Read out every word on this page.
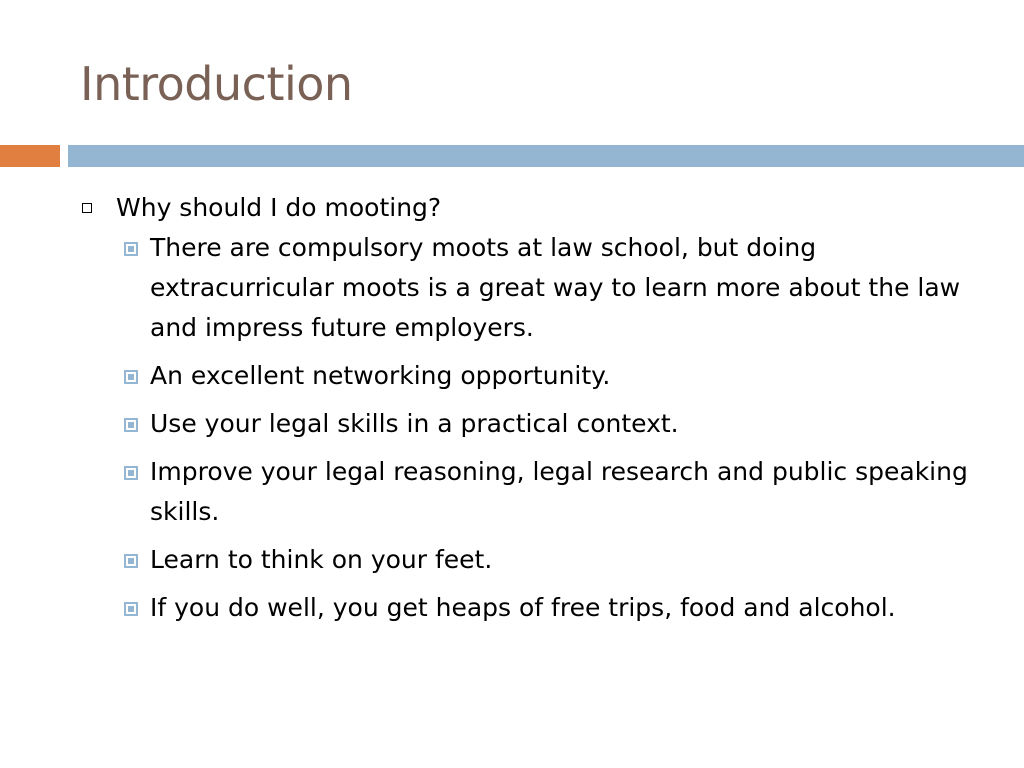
Introduction
Why should I do mooting?
There are compulsory moots at law school, but doing extracurricular moots is a great way to learn more about the law and impress future employers.
An excellent networking opportunity.
Use your legal skills in a practical context.
Improve your legal reasoning, legal research and public speaking skills.
Learn to think on your feet.
If you do well, you get heaps of free trips, food and alcohol.
